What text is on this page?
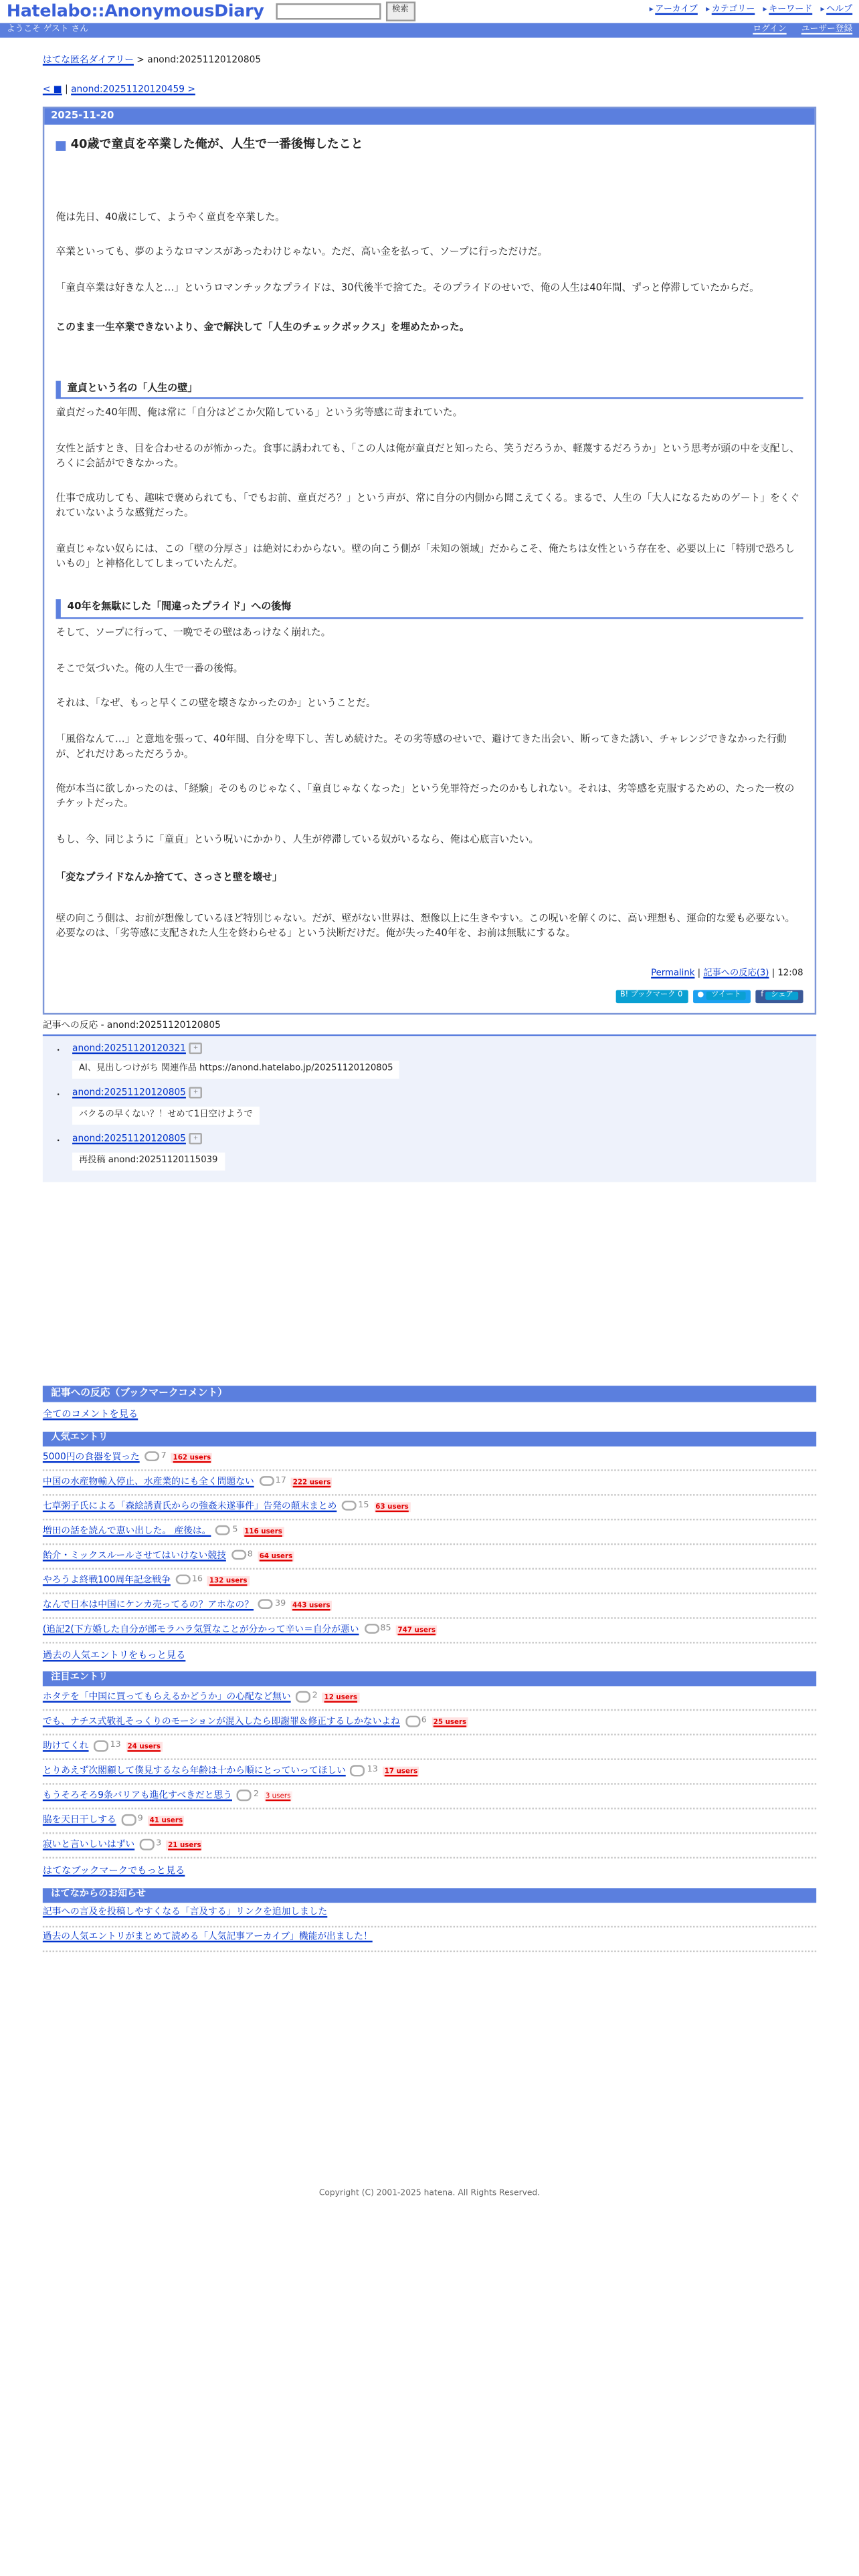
Hatelabo::AnonymousDiary	検索	▸ アーカイブ	▸ カテゴリー	▸ キーワード	▸ ヘルプ
ようこそ ゲスト さん	ログイン	ユーザー登録
はてな匿名ダイアリー > anond:20251120120805
< ■ | anond:20251120120459 >
2025-11-20
40歳で童貞を卒業した俺が、人生で一番後悔したこと

俺は先日、40歳にして、ようやく童貞を卒業した。

卒業といっても、夢のようなロマンスがあったわけじゃない。ただ、高い金を払って、ソープに行っただけだ。

「童貞卒業は好きな人と…」というロマンチックなプライドは、30代後半で捨てた。そのプライドのせいで、俺の人生は40年間、ずっと停滞していたからだ。

このまま一生卒業できないより、金で解決して「人生のチェックボックス」を埋めたかった。

童貞という名の「人生の壁」

童貞だった40年間、俺は常に「自分はどこか欠陥している」という劣等感に苛まれていた。

女性と話すとき、目を合わせるのが怖かった。食事に誘われても、「この人は俺が童貞だと知ったら、笑うだろうか、軽蔑するだろうか」という思考が頭の中を支配し、ろくに会話ができなかった。

仕事で成功しても、趣味で褒められても、「でもお前、童貞だろ？」という声が、常に自分の内側から聞こえてくる。まるで、人生の「大人になるためのゲート」をくぐれていないような感覚だった。

童貞じゃない奴らには、この「壁の分厚さ」は絶対にわからない。壁の向こう側が「未知の領域」だからこそ、俺たちは女性という存在を、必要以上に「特別で恐ろしいもの」と神格化してしまっていたんだ。

40年を無駄にした「間違ったプライド」への後悔

そして、ソープに行って、一晩でその壁はあっけなく崩れた。

そこで気づいた。俺の人生で一番の後悔。

それは、「なぜ、もっと早くこの壁を壊さなかったのか」ということだ。

「風俗なんて…」と意地を張って、40年間、自分を卑下し、苦しめ続けた。その劣等感のせいで、避けてきた出会い、断ってきた誘い、チャレンジできなかった行動が、どれだけあっただろうか。

俺が本当に欲しかったのは、「経験」そのものじゃなく、「童貞じゃなくなった」という免罪符だったのかもしれない。それは、劣等感を克服するための、たった一枚のチケットだった。

もし、今、同じように「童貞」という呪いにかかり、人生が停滞している奴がいるなら、俺は心底言いたい。

「変なプライドなんか捨てて、さっさと壁を壊せ」

壁の向こう側は、お前が想像しているほど特別じゃない。だが、壁がない世界は、想像以上に生きやすい。この呪いを解くのに、高い理想も、運命的な愛も必要ない。必要なのは、「劣等感に支配された人生を終わらせる」という決断だけだ。俺が失った40年を、お前は無駄にするな。

Permalink | 記事への反応(3) | 12:08
B! ブックマーク 0	● ツイート	f シェア
記事への反応 - anond:20251120120805
• anond:20251120120321	+
AI、見出しつけがち 関連作品 https://anond.hatelabo.jp/20251120120805
• anond:20251120120805	+
バクるの早くない？！せめて1日空けようで
• anond:20251120120805	+
再投稿 anond:20251120115039
記事への反応（ブックマークコメント）
全てのコメントを見る
人気エントリ
5000円の食器を買った	7	162 users
中国の水産物輸入停止、水産業的にも全く問題ない	17	222 users
七草粥子氏による「森絵誘責氏からの強姦未遂事件」告発の顛末まとめ	15	63 users
増田の話を読んで恵い出した。 産後は。	5	116 users
飴介・ミックスルールさせてはいけない競技	8	64 users
やろうよ終戦100周年記念戦争	16	132 users
なんで日本は中国にケンカ売ってるの？アホなの？	39	443 users
(追記2(下方婚した自分が郎モラハラ気質なことが分かって辛い＝自分が悪い	85	747 users
過去の人気エントリをもっと見る
注目エントリ
ホタテを「中国に買ってもらえるかどうか」の心配など無い	2	12 users
でも、ナチス式敬礼そっくりのモーションが混入したら即謝罪＆修正するしかないよね	6	25 users
助けてくれ	13	24 users
とりあえず次閣顧して僕見するなら年齢は十から順にとっていってほしい	13	17 users
もうそろそろ9条バリアも進化すべきだと思う	2	3 users
脇を天日干しする	9	41 users
寂いと言いしいはずい	3	21 users
はてなブックマークでもっと見る
はてなからのお知らせ
記事への言及を投稿しやすくなる「言及する」リンクを追加しました
過去の人気エントリがまとめて読める「人気記事アーカイブ」機能が出ました！
Copyright (C) 2001-2025 hatena. All Rights Reserved.
